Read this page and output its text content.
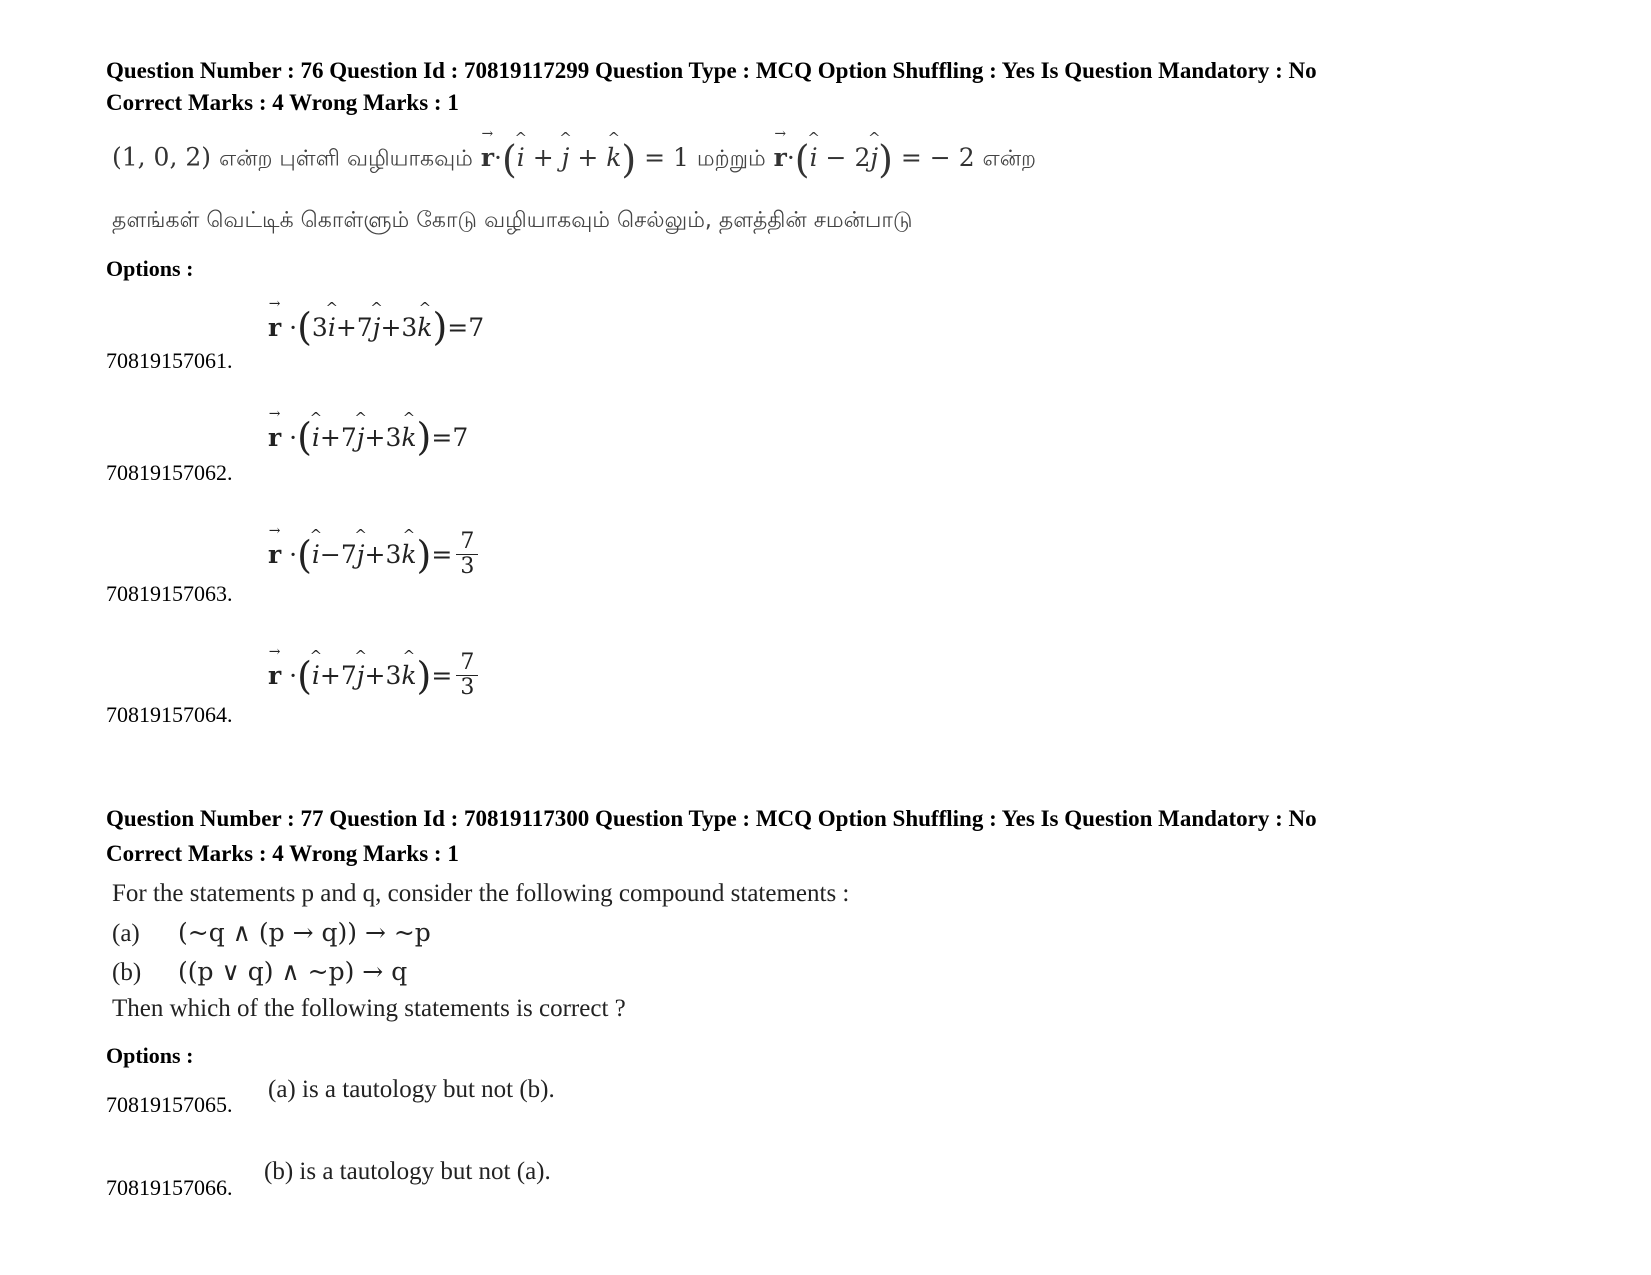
Question Number : 76 Question Id : 70819117299 Question Type : MCQ Option Shuffling : Yes Is Question Mandatory : No
Correct Marks : 4 Wrong Marks : 1
(1, 0, 2) என்ற புள்ளி வழியாகவும் → r·(^ i + ^ j + ^ k) = 1 மற்றும் → r·(^ i − 2^ j) = − 2 என்ற
தளங்கள் வெட்டிக் கொள்ளும் கோடு வழியாகவும் செல்லும், தளத்தின் சமன்பாடு
Options :
70819157061.
→ r · ( 3 ^ i +7 ^ j +3 ^ k ) =7
70819157062.
→ r · ( ^ i +7 ^ j +3 ^ k ) =7
70819157063.
→ r · ( ^ i −7 ^ j +3 ^ k ) = $\frac{7}{3}$
70819157064.
→ r · ( ^ i +7 ^ j +3 ^ k ) = $\frac{7}{3}$
Question Number : 77 Question Id : 70819117300 Question Type : MCQ Option Shuffling : Yes Is Question Mandatory : No
Correct Marks : 4 Wrong Marks : 1
For the statements p and q, consider the following compound statements :
(a) (~q ∧ (p → q)) → ~p
(b) ((p ∨ q) ∧ ~p) → q
Then which of the following statements is correct ?
Options :
70819157065.
(a) is a tautology but not (b).
70819157066.
(b) is a tautology but not (a).
